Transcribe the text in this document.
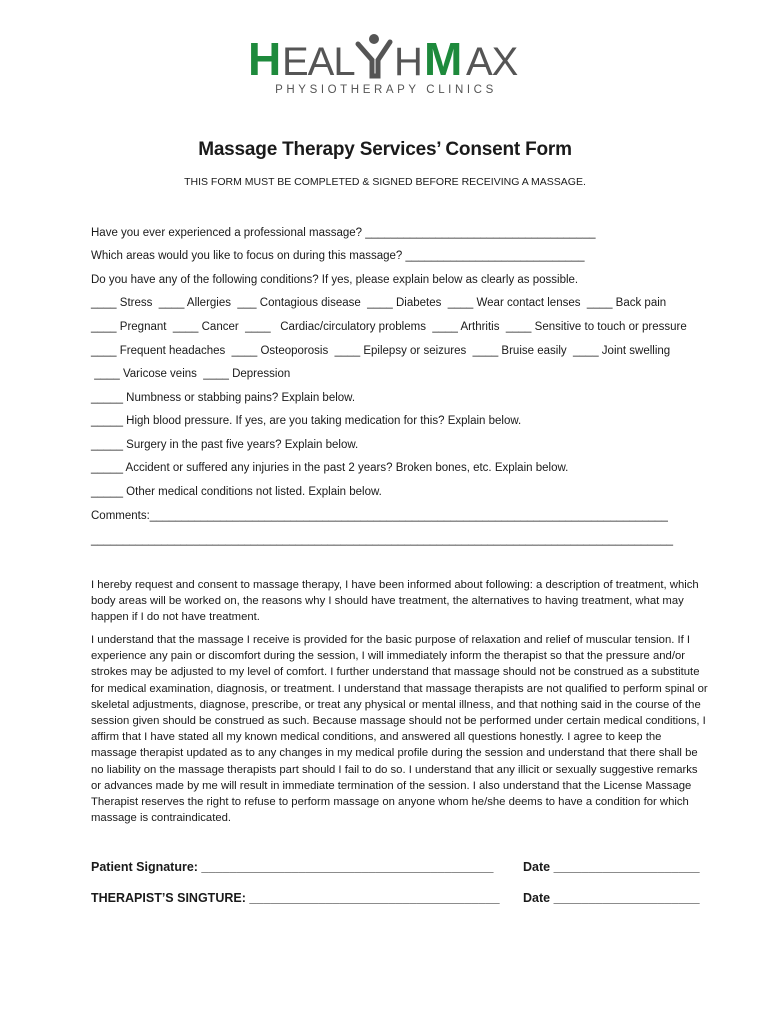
H EAL H M AX
PHYSIOTHERAPY CLINICS
Massage Therapy Services’ Consent Form
THIS FORM MUST BE COMPLETED & SIGNED BEFORE RECEIVING A MASSAGE.
Have you ever experienced a professional massage? ____________________________________
Which areas would you like to focus on during this massage? ____________________________
Do you have any of the following conditions? If yes, please explain below as clearly as possible.
____ Stress  ____ Allergies  ___ Contagious disease  ____ Diabetes  ____ Wear contact lenses  ____ Back pain
____ Pregnant  ____ Cancer  ____   Cardiac/circulatory problems  ____ Arthritis  ____ Sensitive to touch or pressure
____ Frequent headaches  ____ Osteoporosis  ____ Epilepsy or seizures  ____ Bruise easily  ____ Joint swelling
____ Varicose veins  ____ Depression
_____ Numbness or stabbing pains? Explain below.
_____ High blood pressure. If yes, are you taking medication for this? Explain below.
_____ Surgery in the past five years? Explain below.
_____ Accident or suffered any injuries in the past 2 years? Broken bones, etc. Explain below.
_____ Other medical conditions not listed. Explain below.
Comments:_________________________________________________________________________________
___________________________________________________________________________________________
I hereby request and consent to massage therapy, I have been informed about following: a description of treatment, which body areas will be worked on, the reasons why I should have treatment, the alternatives to having treatment, what may happen if I do not have treatment.
I understand that the massage I receive is provided for the basic purpose of relaxation and relief of muscular tension. If I experience any pain or discomfort during the session, I will immediately inform the therapist so that the pressure and/or strokes may be adjusted to my level of comfort. I further understand that massage should not be construed as a substitute for medical examination, diagnosis, or treatment. I understand that massage therapists are not qualified to perform spinal or skeletal adjustments, diagnose, prescribe, or treat any physical or mental illness, and that nothing said in the course of the session given should be construed as such. Because massage should not be performed under certain medical conditions, I affirm that I have stated all my known medical conditions, and answered all questions honestly. I agree to keep the massage therapist updated as to any changes in my medical profile during the session and understand that there shall be no liability on the massage therapists part should I fail to do so. I understand that any illicit or sexually suggestive remarks or advances made by me will result in immediate termination of the session. I also understand that the License Massage Therapist reserves the right to refuse to perform massage on anyone whom he/she deems to have a condition for which massage is contraindicated.
Patient Signature: __________________________________________ Date _____________________
THERAPIST’S SINGTURE: ____________________________________ Date _____________________
